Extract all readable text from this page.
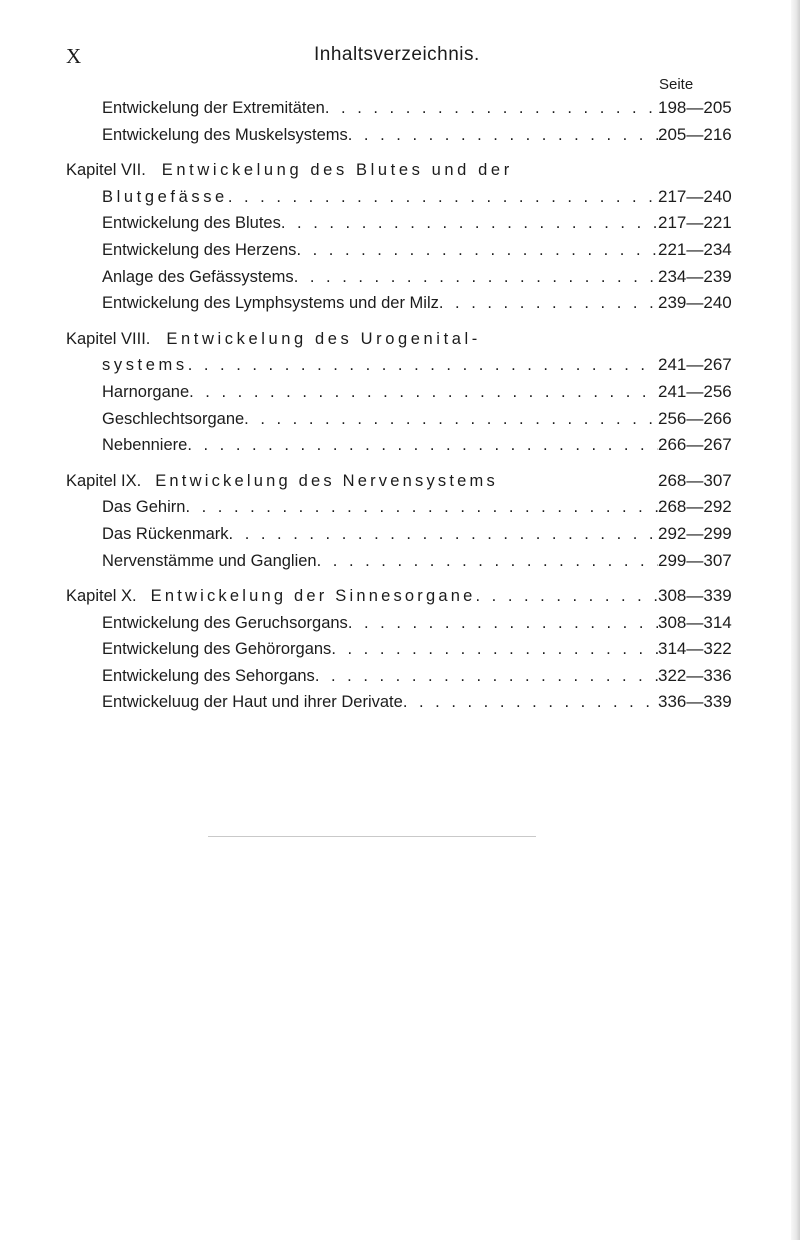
X	Inhaltsverzeichnis.
Seite
Entwickelung der Extremitäten . . .	198—205
Entwickelung des Muskelsystems . . .	205—216
Kapitel VII. Entwickelung des Blutes und der
Blutgefässe . . .	217—240
Entwickelung des Blutes . . .	217—221
Entwickelung des Herzens . . .	221—234
Anlage des Gefässystems . . .	234—239
Entwickelung des Lymphsystems und der Milz . . .	239—240
Kapitel VIII. Entwickelung des Urogenital-
systems . . .	241—267
Harnorgane . . .	241—256
Geschlechtsorgane . . .	256—266
Nebenniere . . .	266—267
Kapitel IX. Entwickelung des Nervensystems	268—307
Das Gehirn . . .	268—292
Das Rückenmark . . .	292—299
Nervenstämme und Ganglien . . .	299—307
Kapitel X. Entwickelung der Sinnesorgane . . .	308—339
Entwickelung des Geruchsorgans . . .	308—314
Entwickelung des Gehörorgans . . .	314—322
Entwickelung des Sehorgans . . .	322—336
Entwickeluug der Haut und ihrer Derivate . . .	336—339
